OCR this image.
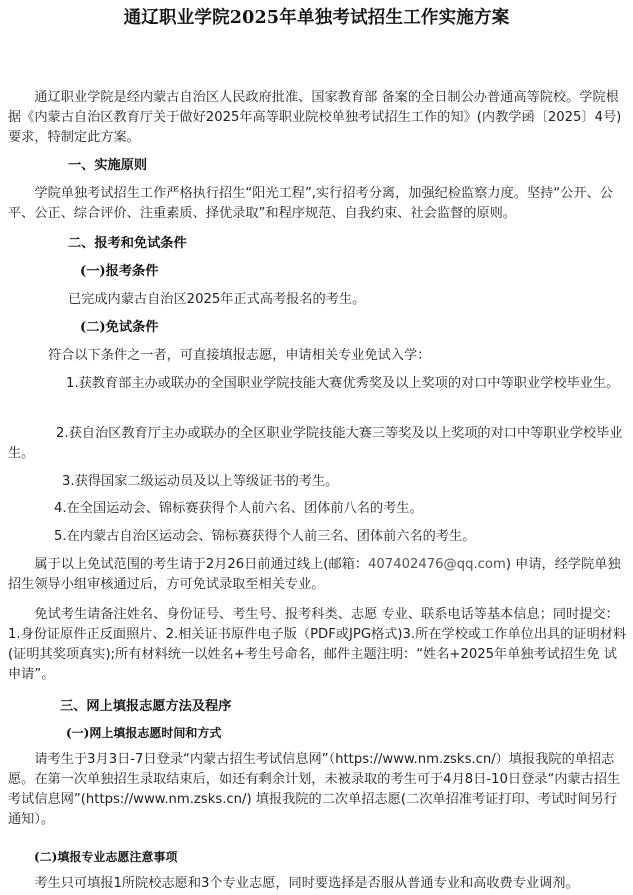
通辽职业学院2025年单独考试招生工作实施方案
通辽职业学院是经内蒙古自治区人民政府批准、国家教育部 备案的全日制公办普通高等院校。学院根据《内蒙古自治区教育厅关于做好2025年高等职业院校单独考试招生工作的知》(内教学函〔2025〕4号)要求，特制定此方案。
一、实施原则
学院单独考试招生工作严格执行招生“阳光工程”,实行招考分离，加强纪检监察力度。坚持“公开、公平、公正、综合评价、注重素质、择优录取”和程序规范、自我约束、社会监督的原则。
二、报考和免试条件
(一)报考条件
已完成内蒙古自治区2025年正式高考报名的考生。
(二)免试条件
符合以下条件之一者，可直接填报志愿，申请相关专业免试入学：
1.获教育部主办或联办的全国职业学院技能大赛优秀奖及以上奖项的对口中等职业学校毕业生。
2.获自治区教育厅主办或联办的全区职业学院技能大赛三等奖及以上奖项的对口中等职业学校毕业生。
3.获得国家二级运动员及以上等级证书的考生。
4.在全国运动会、锦标赛获得个人前六名、团体前八名的考生。
5.在内蒙古自治区运动会、锦标赛获得个人前三名、团体前六名的考生。
属于以上免试范围的考生请于2月26日前通过线上(邮箱：407402476@qq.com) 申请，经学院单独招生领导小组审核通过后，方可免试录取至相关专业。
免试考生请备注姓名、身份证号、考生号、报考科类、志愿 专业、联系电话等基本信息；同时提交：1.身份证原件正反面照片、2.相关证书原件电子版（PDF或JPG格式)3.所在学校或工作单位出具的证明材料(证明其奖项真实);所有材料统一以姓名+考生号命名，邮件主题注明：“姓名+2025年单独考试招生免 试申请”。
三、网上填报志愿方法及程序
(一)网上填报志愿时间和方式
请考生于3月3日-7日登录“内蒙古招生考试信息网”（https://www.nm.zsks.cn/）填报我院的单招志愿。在第一次单独招生录取结束后，如还有剩余计划，未被录取的考生可于4月8日-10日登录“内蒙古招生考试信息网”(https://www.nm.zsks.cn/) 填报我院的二次单招志愿(二次单招准考证打印、考试时间另行通知）。
(二)填报专业志愿注意事项
考生只可填报1所院校志愿和3个专业志愿，同时要选择是否服从普通专业和高收费专业调剂。
